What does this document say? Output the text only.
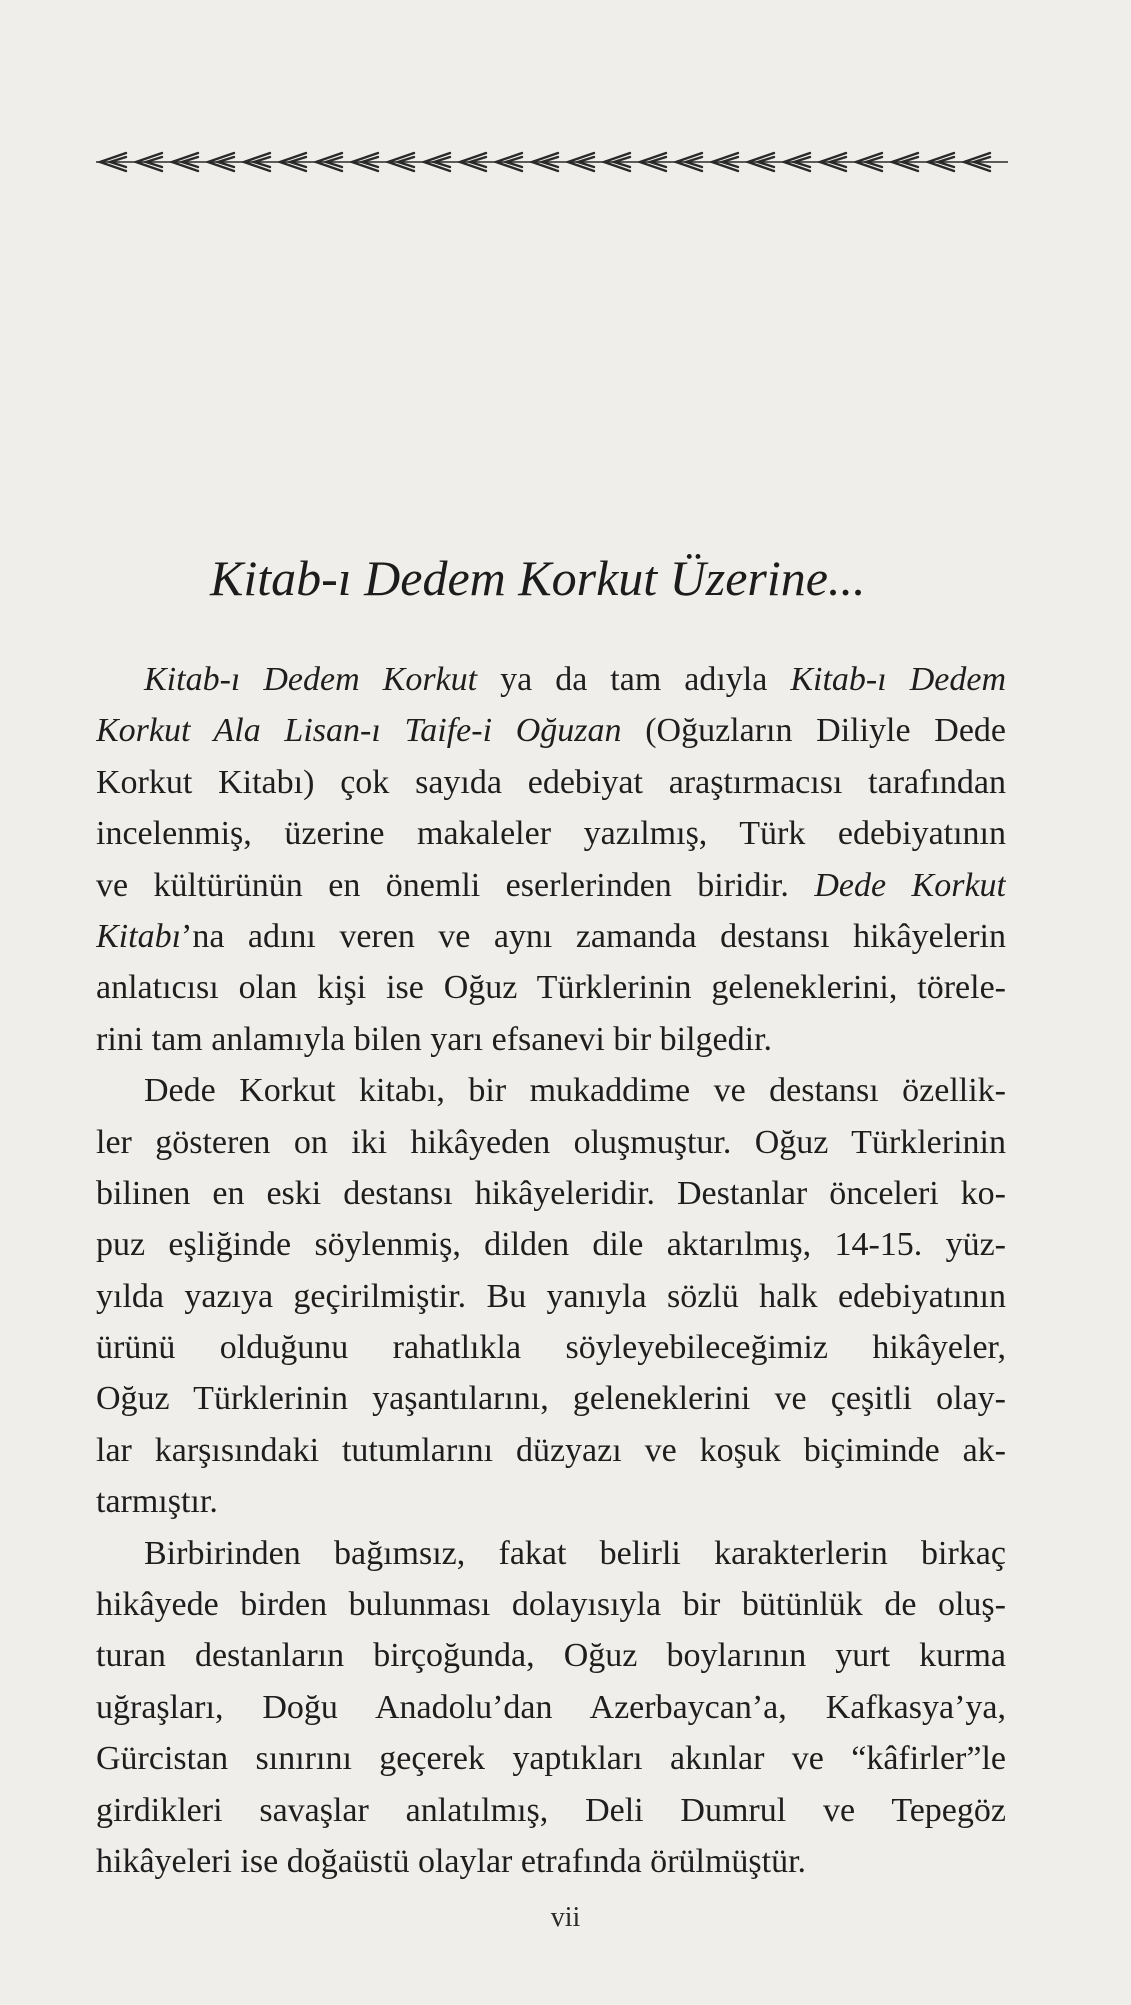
Kitab-ı Dedem Korkut Üzerine...
Kitab-ı Dedem Korkut ya da tam adıyla Kitab-ı Dedem
Korkut Ala Lisan-ı Taife-i Oğuzan (Oğuzların Diliyle Dede
Korkut Kitabı) çok sayıda edebiyat araştırmacısı tarafından
incelenmiş, üzerine makaleler yazılmış, Türk edebiyatının
ve kültürünün en önemli eserlerinden biridir. Dede Korkut
Kitabı’na adını veren ve aynı zamanda destansı hikâyelerin
anlatıcısı olan kişi ise Oğuz Türklerinin geleneklerini, törele-
rini tam anlamıyla bilen yarı efsanevi bir bilgedir.
Dede Korkut kitabı, bir mukaddime ve destansı özellik-
ler gösteren on iki hikâyeden oluşmuştur. Oğuz Türklerinin
bilinen en eski destansı hikâyeleridir. Destanlar önceleri ko-
puz eşliğinde söylenmiş, dilden dile aktarılmış, 14-15. yüz-
yılda yazıya geçirilmiştir. Bu yanıyla sözlü halk edebiyatının
ürünü olduğunu rahatlıkla söyleyebileceğimiz hikâyeler,
Oğuz Türklerinin yaşantılarını, geleneklerini ve çeşitli olay-
lar karşısındaki tutumlarını düzyazı ve koşuk biçiminde ak-
tarmıştır.
Birbirinden bağımsız, fakat belirli karakterlerin birkaç
hikâyede birden bulunması dolayısıyla bir bütünlük de oluş-
turan destanların birçoğunda, Oğuz boylarının yurt kurma
uğraşları, Doğu Anadolu’dan Azerbaycan’a, Kafkasya’ya,
Gürcistan sınırını geçerek yaptıkları akınlar ve “kâfirler”le
girdikleri savaşlar anlatılmış, Deli Dumrul ve Tepegöz
hikâyeleri ise doğaüstü olaylar etrafında örülmüştür.
vii
